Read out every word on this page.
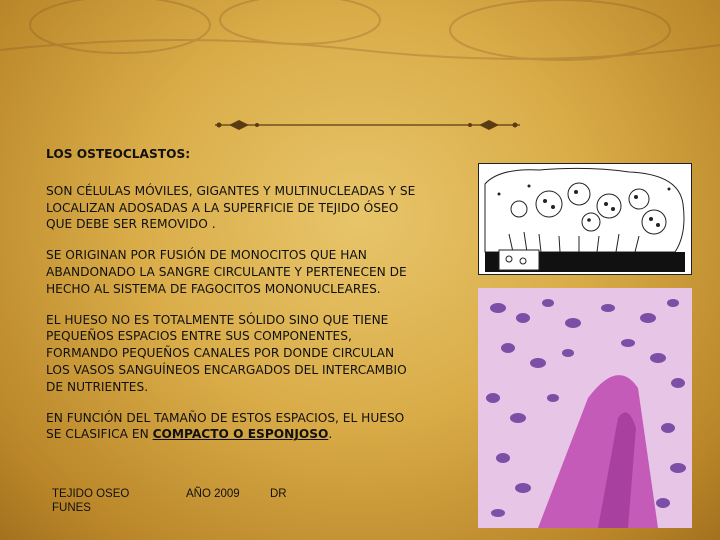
LOS OSTEOCLASTOS:

SON CÉLULAS MÓVILES, GIGANTES Y MULTINUCLEADAS Y SE LOCALIZAN ADOSADAS A LA SUPERFICIE DE TEJIDO ÓSEO QUE DEBE SER REMOVIDO .

SE ORIGINAN POR FUSIÓN DE MONOCITOS QUE HAN ABANDONADO LA SANGRE CIRCULANTE Y PERTENECEN DE HECHO AL SISTEMA DE FAGOCITOS MONONUCLEARES.

EL HUESO NO ES TOTALMENTE SÓLIDO SINO QUE TIENE PEQUEÑOS ESPACIOS ENTRE SUS COMPONENTES, FORMANDO PEQUEÑOS CANALES POR DONDE CIRCULAN LOS VASOS SANGUÍNEOS ENCARGADOS DEL INTERCAMBIO DE NUTRIENTES.

EN FUNCIÓN DEL TAMAÑO DE ESTOS ESPACIOS, EL HUESO SE CLASIFICA EN COMPACTO O ESPONJOSO.

TEJIDO OSEO FUNES
AÑO 2009	DR
